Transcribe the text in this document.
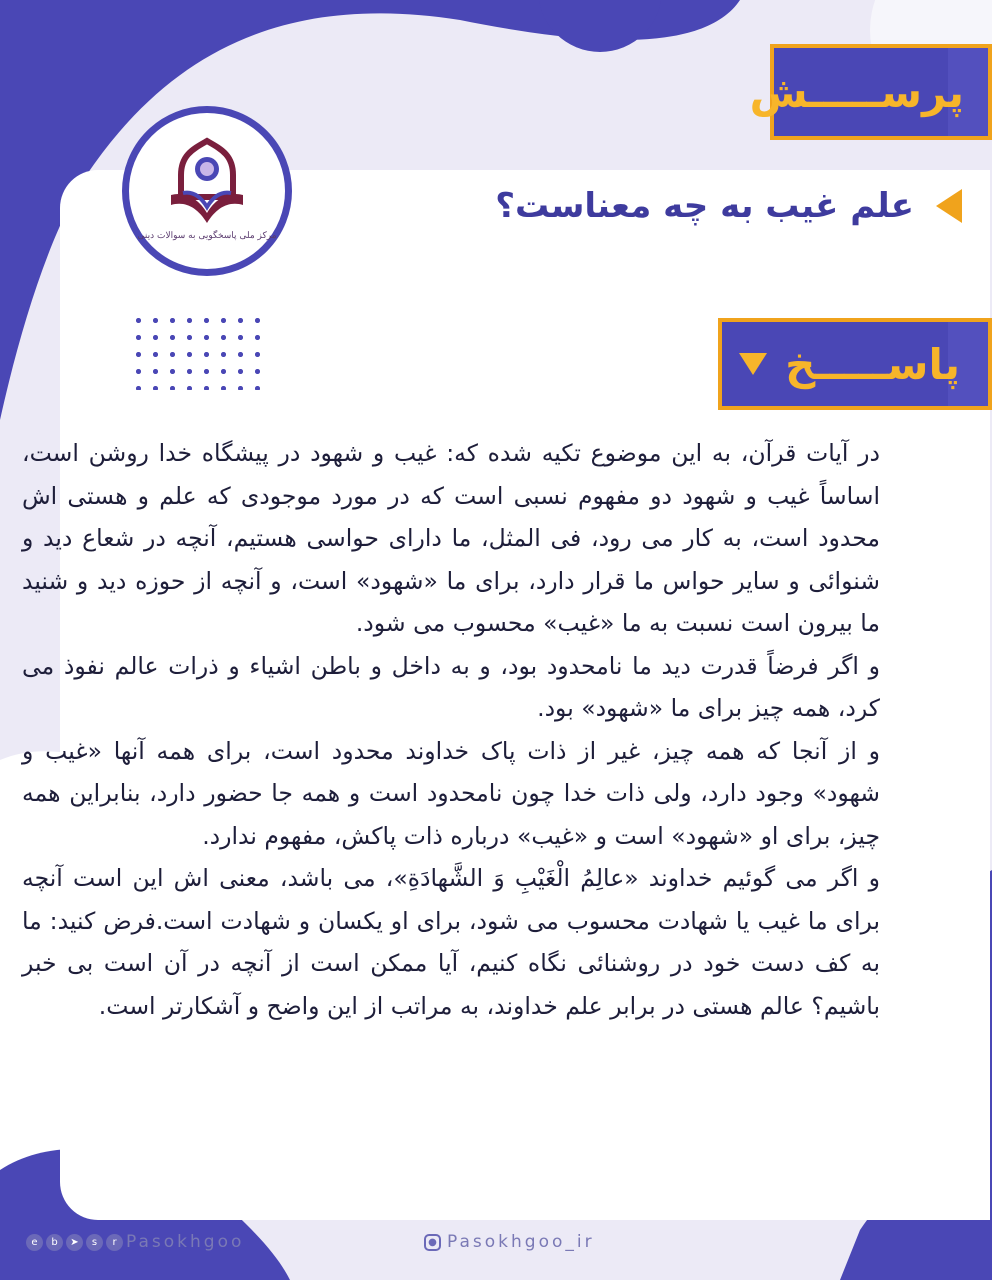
مرکز ملی پاسخگویی به سوالات دینی
پرســـــش
علم غیب به چه معناست؟
پاســـــخ

در آیات قرآن، به این موضوع تکیه شده که: غیب و شهود در پیشگاه خدا روشن است، اساساً غیب و شهود دو مفهوم نسبی است که در مورد موجودی که علم و هستی اش محدود است، به کار می رود، فی المثل، ما دارای حواسی هستیم، آنچه در شعاع دید و شنوائی و سایر حواس ما قرار دارد، برای ما «شهود» است، و آنچه از حوزه دید و شنید ما بیرون است نسبت به ما «غیب» محسوب می شود.

و اگر فرضاً قدرت دید ما نامحدود بود، و به داخل و باطن اشیاء و ذرات عالم نفوذ می کرد، همه چیز برای ما «شهود» بود.

و از آنجا که همه چیز، غیر از ذات پاک خداوند محدود است، برای همه آنها «غیب و شهود» وجود دارد، ولی ذات خدا چون نامحدود است و همه جا حضور دارد، بنابراین همه چیز، برای او «شهود» است و «غیب» درباره ذات پاکش، مفهوم ندارد.

و اگر می گوئیم خداوند «عالِمُ الْغَیْبِ وَ الشَّهادَةِ»، می باشد، معنی اش این است آنچه برای ما غیب یا شهادت محسوب می شود، برای او یکسان و شهادت است.فرض کنید: ما به کف دست خود در روشنائی نگاه کنیم، آیا ممکن است از آنچه در آن است بی خبر باشیم؟ عالم هستی در برابر علم خداوند، به مراتب از این واضح و آشکارتر است.

e	b	➤	s	r Pasokhgoo	● Pasokhgoo_ir
